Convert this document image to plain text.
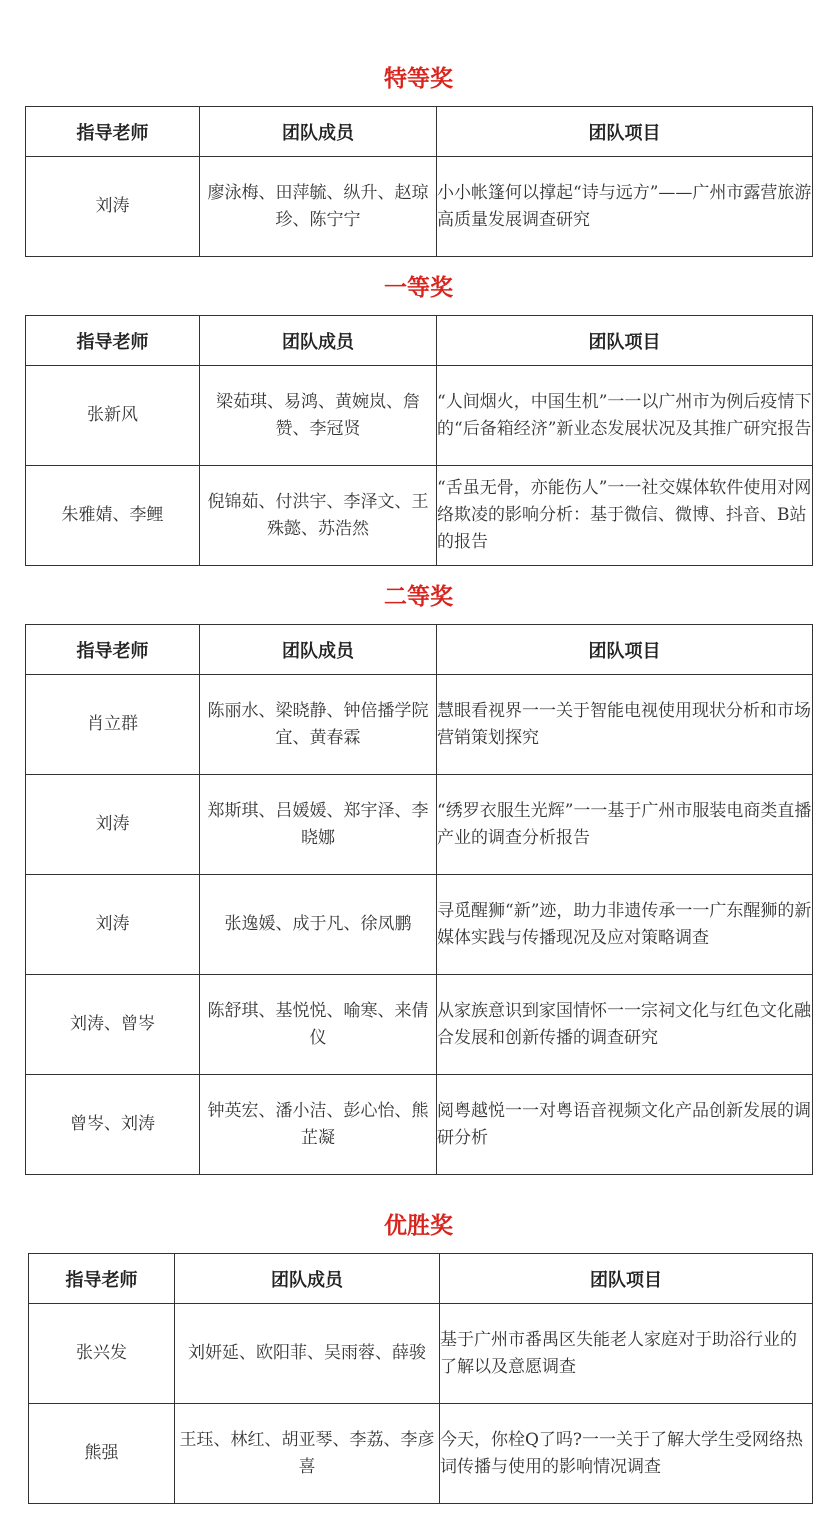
特等奖
指导老师	团队成员	团队项目
刘涛	廖泳梅、田萍毓、纵升、赵琼珍、陈宁宁	小小帐篷何以撑起“诗与远方”——广州市露营旅游高质量发展调查研究
一等奖
指导老师	团队成员	团队项目
张新风	梁茹琪、易鸿、黄婉岚、詹赞、李冠贤	“人间烟火，中国生机”一一以广州市为例后疫情下的“后备箱经济”新业态发展状况及其推广研究报告
朱雅婧、李鲤	倪锦茹、付洪宇、李泽文、王殊懿、苏浩然	“舌虽无骨，亦能伤人”一一社交媒体软件使用对网络欺凌的影响分析：基于微信、微博、抖音、B站的报告
二等奖
指导老师	团队成员	团队项目
肖立群	陈丽水、梁晓静、钟倍播学院宜、黄春霖	慧眼看视界一一关于智能电视使用现状分析和市场营销策划探究
刘涛	郑斯琪、吕媛媛、郑宇泽、李晓娜	“绣罗衣服生光辉”一一基于广州市服装电商类直播产业的调查分析报告
刘涛	张逸媛、成于凡、徐凤鹏	寻觅醒狮“新”迹，助力非遗传承一一广东醒狮的新媒体实践与传播现况及应对策略调查
刘涛、曾岑	陈舒琪、基悦悦、喻寒、来倩仪	从家族意识到家国情怀一一宗祠文化与红色文化融合发展和创新传播的调查研究
曾岑、刘涛	钟英宏、潘小洁、彭心怡、熊芷凝	阅粤越悦一一对粤语音视频文化产品创新发展的调研分析
优胜奖
指导老师	团队成员	团队项目
张兴发	刘妍延、欧阳菲、吴雨蓉、薛骏	基于广州市番禺区失能老人家庭对于助浴行业的了解以及意愿调查
熊强	王珏、林红、胡亚琴、李荔、李彦喜	今天，你栓Q了吗?一一关于了解大学生受网络热词传播与使用的影响情况调查
